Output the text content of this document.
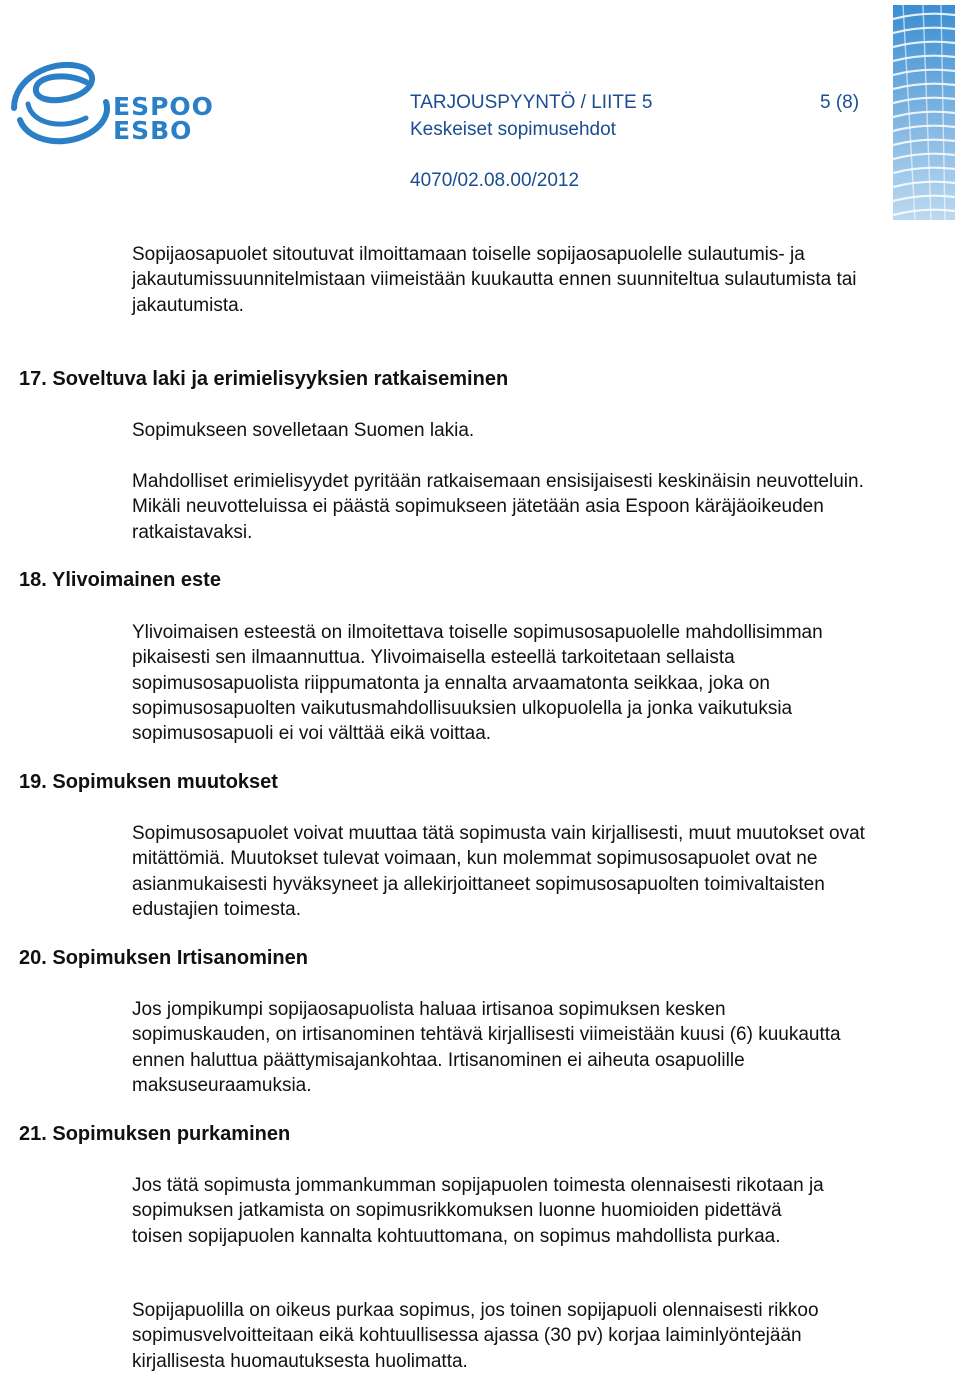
ESPOO
ESBO
TARJOUSPYYNTÖ / LIITE 5	5 (8)
Keskeiset sopimusehdot
4070/02.08.00/2012

Sopijaosapuolet sitoutuvat ilmoittamaan toiselle sopijaosapuolelle sulautumis- ja jakautumissuunnitelmistaan viimeistään kuukautta ennen suunniteltua sulautumista tai jakautumista.

17. Soveltuva laki ja erimielisyyksien ratkaiseminen

Sopimukseen sovelletaan Suomen lakia.

Mahdolliset erimielisyydet pyritään ratkaisemaan ensisijaisesti keskinäisin neuvotteluin. Mikäli neuvotteluissa ei päästä sopimukseen jätetään asia Espoon käräjäoikeuden ratkaistavaksi.

18. Ylivoimainen este

Ylivoimaisen esteestä on ilmoitettava toiselle sopimusosapuolelle mahdollisimman pikaisesti sen ilmaannuttua. Ylivoimaisella esteellä tarkoitetaan sellaista sopimusosapuolista riippumatonta ja ennalta arvaamatonta seikkaa, joka on sopimusosapuolten vaikutusmahdollisuuksien ulkopuolella ja jonka vaikutuksia sopimusosapuoli ei voi välttää eikä voittaa.

19. Sopimuksen muutokset

Sopimusosapuolet voivat muuttaa tätä sopimusta vain kirjallisesti, muut muutokset ovat mitättömiä. Muutokset tulevat voimaan, kun molemmat sopimusosapuolet ovat ne asianmukaisesti hyväksyneet ja allekirjoittaneet sopimusosapuolten toimivaltaisten edustajien toimesta.

20. Sopimuksen Irtisanominen

Jos jompikumpi sopijaosapuolista haluaa irtisanoa sopimuksen kesken sopimuskauden, on irtisanominen tehtävä kirjallisesti viimeistään kuusi (6) kuukautta ennen haluttua päättymisajankohtaa. Irtisanominen ei aiheuta osapuolille maksuseuraamuksia.

21. Sopimuksen purkaminen

Jos tätä sopimusta jommankumman sopijapuolen toimesta olennaisesti rikotaan ja sopimuksen jatkamista on sopimusrikkomuksen luonne huomioiden pidettävä toisen sopijapuolen kannalta kohtuuttomana, on sopimus mahdollista purkaa.

Sopijapuolilla on oikeus purkaa sopimus, jos toinen sopijapuoli olennaisesti rikkoo sopimusvelvoitteitaan eikä kohtuullisessa ajassa (30 pv) korjaa laiminlyöntejään kirjallisesta huomautuksesta huolimatta.
